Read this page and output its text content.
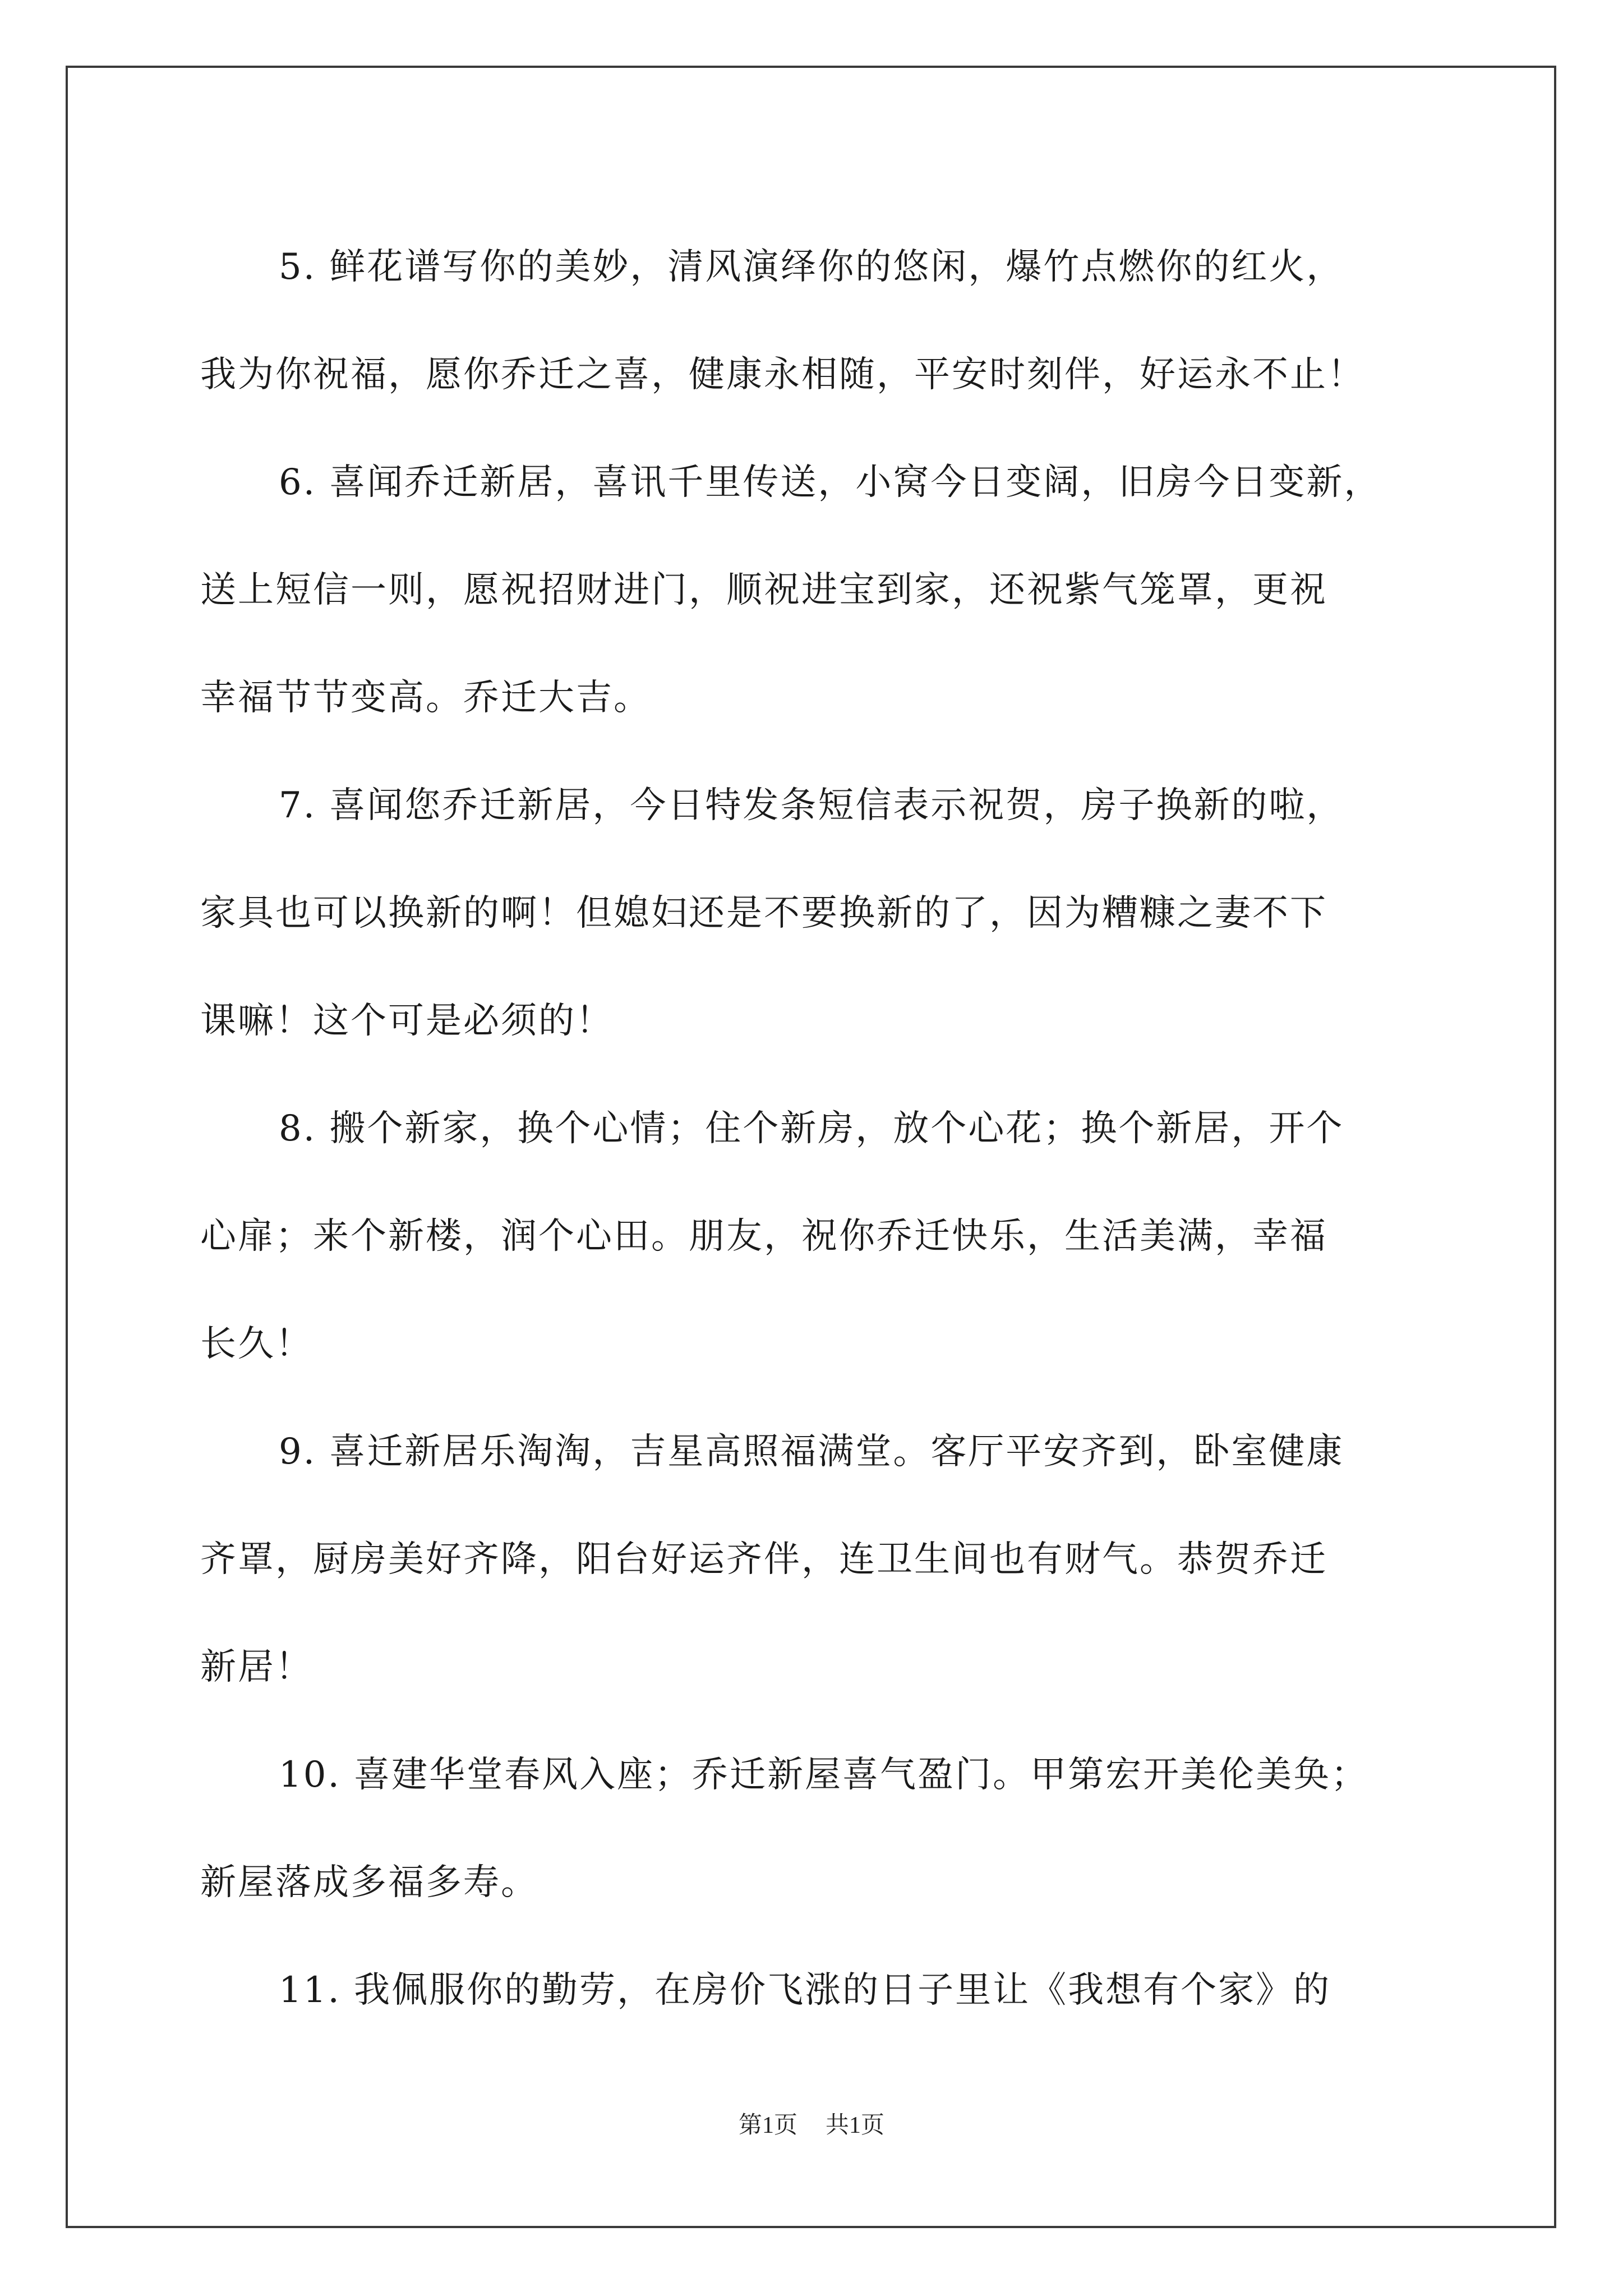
5. 鲜花谱写你的美妙，清风演绎你的悠闲，爆竹点燃你的红火，
我为你祝福，愿你乔迁之喜，健康永相随，平安时刻伴，好运永不止！
6. 喜闻乔迁新居，喜讯千里传送，小窝今日变阔，旧房今日变新，
送上短信一则，愿祝招财进门，顺祝进宝到家，还祝紫气笼罩，更祝
幸福节节变高。乔迁大吉。
7. 喜闻您乔迁新居，今日特发条短信表示祝贺，房子换新的啦，
家具也可以换新的啊！但媳妇还是不要换新的了，因为糟糠之妻不下
课嘛！这个可是必须的！
8. 搬个新家，换个心情；住个新房，放个心花；换个新居，开个
心扉；来个新楼，润个心田。朋友，祝你乔迁快乐，生活美满，幸福
长久！
9. 喜迁新居乐淘淘，吉星高照福满堂。客厅平安齐到，卧室健康
齐罩，厨房美好齐降，阳台好运齐伴，连卫生间也有财气。恭贺乔迁
新居！
10. 喜建华堂春风入座；乔迁新屋喜气盈门。甲第宏开美伦美奂；
新屋落成多福多寿。
11. 我佩服你的勤劳，在房价飞涨的日子里让《我想有个家》的
第1页 共1页
